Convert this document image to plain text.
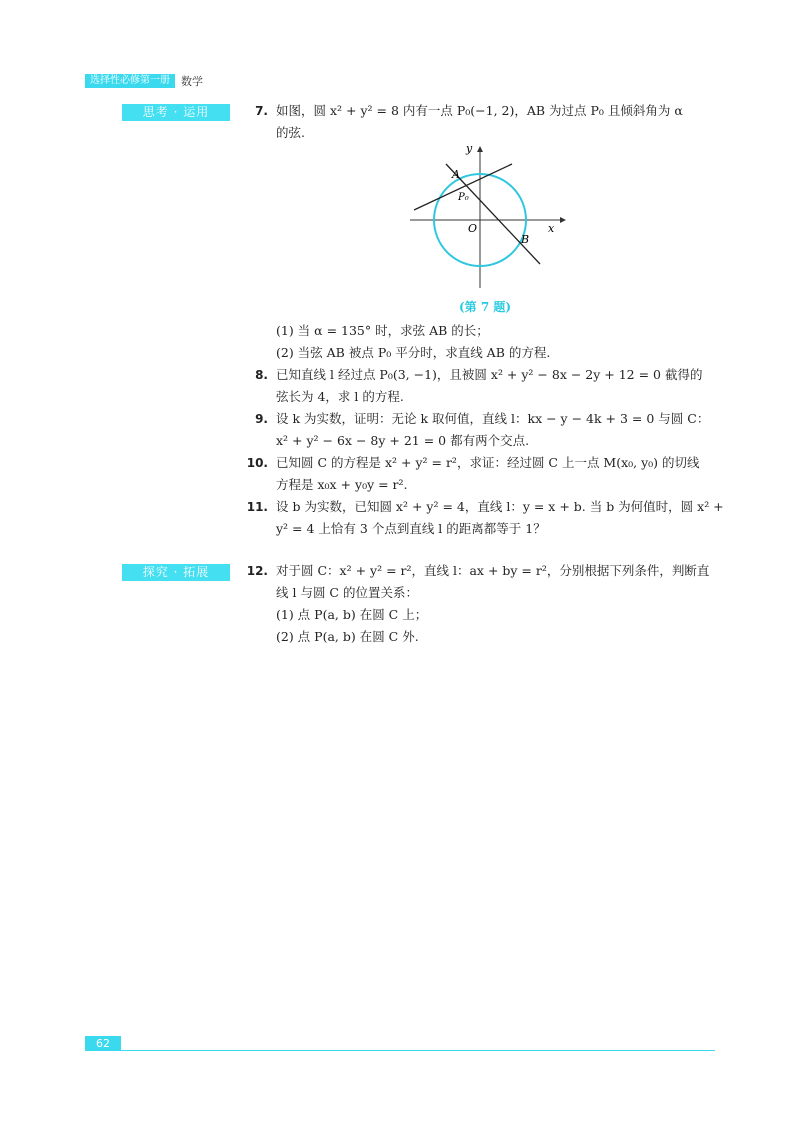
选择性必修第一册	数学
思考 · 运用	7. 如图，圆 x² + y² = 8 内有一点 P₀(−1, 2)，AB 为过点 P₀ 且倾斜角为 α
的弦.
y
x
O
A
B
P₀
(第 7 题)
(1) 当 α = 135° 时，求弦 AB 的长；
(2) 当弦 AB 被点 P₀ 平分时，求直线 AB 的方程.
8. 已知直线 l 经过点 P₀(3, −1)，且被圆 x² + y² − 8x − 2y + 12 = 0 截得的
弦长为 4，求 l 的方程.
9. 设 k 为实数，证明：无论 k 取何值，直线 l：kx − y − 4k + 3 = 0 与圆 C：
x² + y² − 6x − 8y + 21 = 0 都有两个交点.
10. 已知圆 C 的方程是 x² + y² = r²，求证：经过圆 C 上一点 M(x₀, y₀) 的切线
方程是 x₀x + y₀y = r².
11. 设 b 为实数，已知圆 x² + y² = 4，直线 l：y = x + b. 当 b 为何值时，圆 x² +
y² = 4 上恰有 3 个点到直线 l 的距离都等于 1？
探究 · 拓展	12. 对于圆 C：x² + y² = r²，直线 l：ax + by = r²，分别根据下列条件，判断直
线 l 与圆 C 的位置关系：
(1) 点 P(a, b) 在圆 C 上；
(2) 点 P(a, b) 在圆 C 外.
62
